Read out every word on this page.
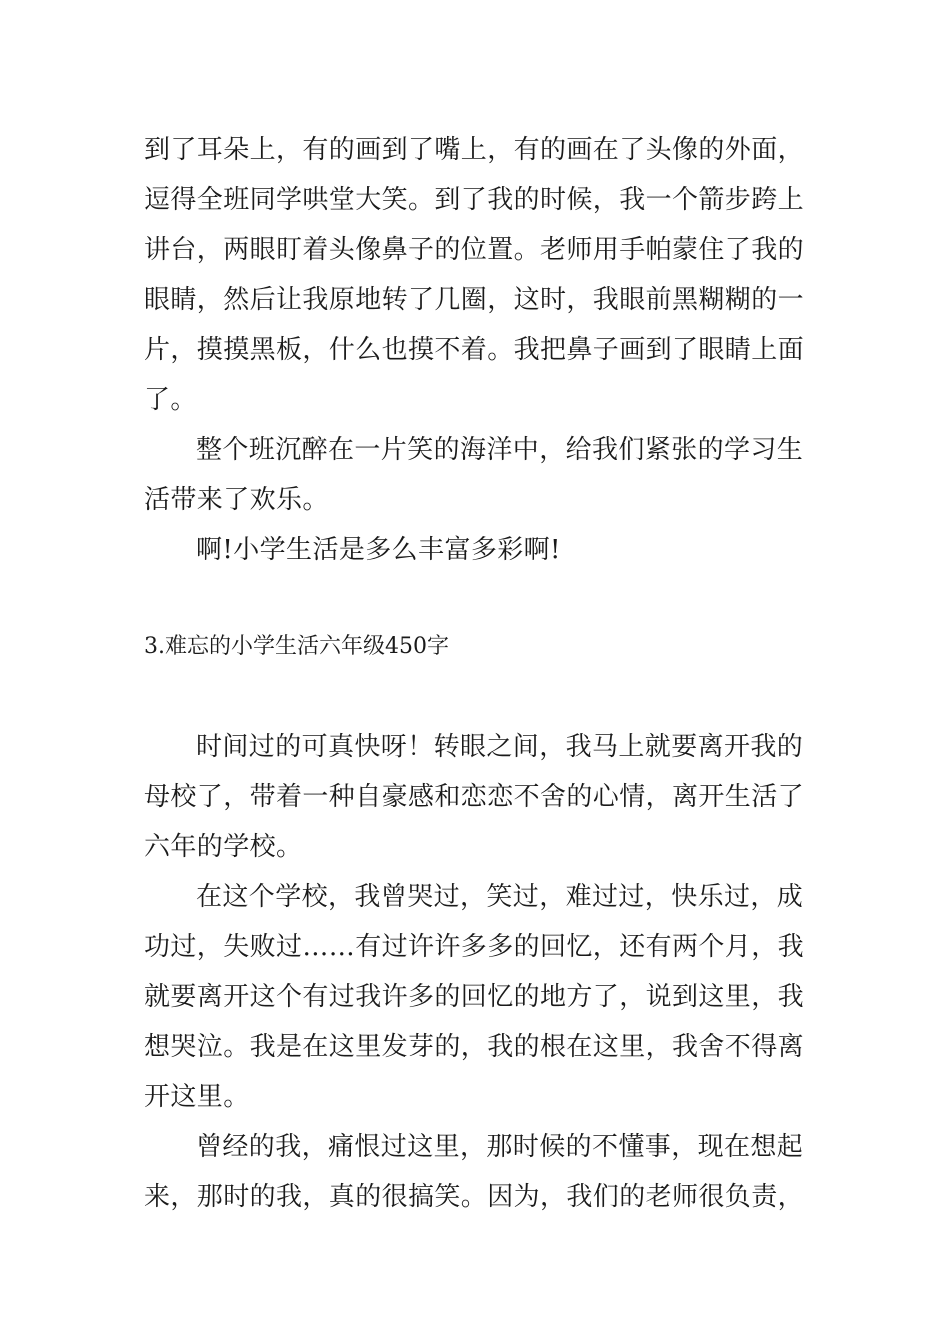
到了耳朵上，有的画到了嘴上，有的画在了头像的外面，
逗得全班同学哄堂大笑。到了我的时候，我一个箭步跨上
讲台，两眼盯着头像鼻子的位置。老师用手帕蒙住了我的
眼睛，然后让我原地转了几圈，这时，我眼前黑糊糊的一
片，摸摸黑板，什么也摸不着。我把鼻子画到了眼睛上面
了。
整个班沉醉在一片笑的海洋中，给我们紧张的学习生
活带来了欢乐。
啊!小学生活是多么丰富多彩啊!
3.难忘的小学生活六年级450字
时间过的可真快呀！转眼之间，我马上就要离开我的
母校了，带着一种自豪感和恋恋不舍的心情，离开生活了
六年的学校。
在这个学校，我曾哭过，笑过，难过过，快乐过，成
功过，失败过……有过许许多多的回忆，还有两个月，我
就要离开这个有过我许多的回忆的地方了，说到这里，我
想哭泣。我是在这里发芽的，我的根在这里，我舍不得离
开这里。
曾经的我，痛恨过这里，那时候的不懂事，现在想起
来，那时的我，真的很搞笑。因为，我们的老师很负责，
